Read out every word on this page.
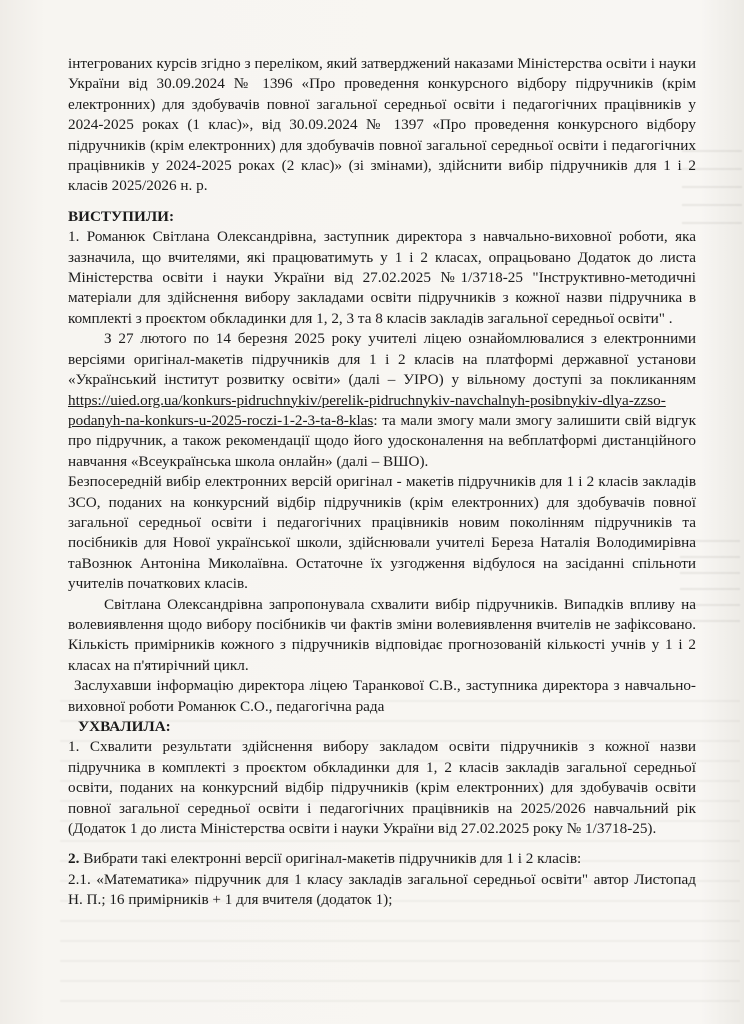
інтегрованих курсів згідно з переліком, який затверджений наказами Міністерства освіти і науки України від 30.09.2024 № 1396 «Про проведення конкурсного відбору підручників (крім електронних) для здобувачів повної загальної середньої освіти і педагогічних працівників у 2024-2025 роках (1 клас)», від 30.09.2024 № 1397 «Про проведення конкурсного відбору підручників (крім електронних) для здобувачів повної загальної середньої освіти і педагогічних працівників у 2024-2025 роках (2 клас)» (зі змінами), здійснити вибір підручників для 1 і 2 класів 2025/2026 н. р.

ВИСТУПИЛИ:

1. Романюк Світлана Олександрівна, заступник директора з навчально-виховної роботи, яка зазначила, що вчителями, які працюватимуть у 1 і 2 класах, опрацьовано Додаток до листа Міністерства освіти і науки України від 27.02.2025 №1/3718-25 "Інструктивно-методичні матеріали для здійснення вибору закладами освіти підручників з кожної назви підручника в комплекті з проєктом обкладинки для 1, 2, 3 та 8 класів закладів загальної середньої освіти" .

З 27 лютого по 14 березня 2025 року учителі ліцею ознайомлювалися з електронними версіями оригінал-макетів підручників для 1 і 2 класів на платформі державної установи «Український інститут розвитку освіти» (далі – УІРО) у вільному доступі за покликанням https://uied.org.ua/konkurs-pidruchnykiv/perelik-pidruchnykiv-navchalnyh-posibnykiv-dlya-zzso-podanyh-na-konkurs-u-2025-roczi-1-2-3-ta-8-klas: та мали змогу мали змогу залишити свій відгук про підручник, а також рекомендації щодо його удосконалення на вебплатформі дистанційного навчання «Всеукраїнська школа онлайн» (далі – ВШО).

Безпосередній вибір електронних версій оригінал - макетів підручників для 1 і 2 класів закладів ЗСО, поданих на конкурсний відбір підручників (крім електронних) для здобувачів повної загальної середньої освіти і педагогічних працівників новим поколінням підручників та посібників для Нової української школи, здійснювали учителі Береза Наталія Володимирівна таВознюк Антоніна Миколаївна. Остаточне їх узгодження відбулося на засіданні спільноти учителів початкових класів.

Світлана Олександрівна запропонувала схвалити вибір підручників. Випадків впливу на волевиявлення щодо вибору посібників чи фактів зміни волевиявлення вчителів не зафіксовано. Кількість примірників кожного з підручників відповідає прогнозованій кількості учнів у 1 і 2 класах на п'ятирічний цикл.

Заслухавши інформацію директора ліцею Таранкової С.В., заступника директора з навчально-виховної роботи Романюк С.О., педагогічна рада

УХВАЛИЛА:

1. Схвалити результати здійснення вибору закладом освіти підручників з кожної назви підручника в комплекті з проєктом обкладинки для 1, 2 класів закладів загальної середньої освіти, поданих на конкурсний відбір підручників (крім електронних) для здобувачів освіти повної загальної середньої освіти і педагогічних працівників на 2025/2026 навчальний рік (Додаток 1 до листа Міністерства освіти і науки України від 27.02.2025 року № 1/3718-25).

2. Вибрати такі електронні версії оригінал-макетів підручників для 1 і 2 класів:

2.1. «Математика» підручник для 1 класу закладів загальної середньої освіти" автор Листопад Н. П.; 16 примірників + 1 для вчителя (додаток 1);
